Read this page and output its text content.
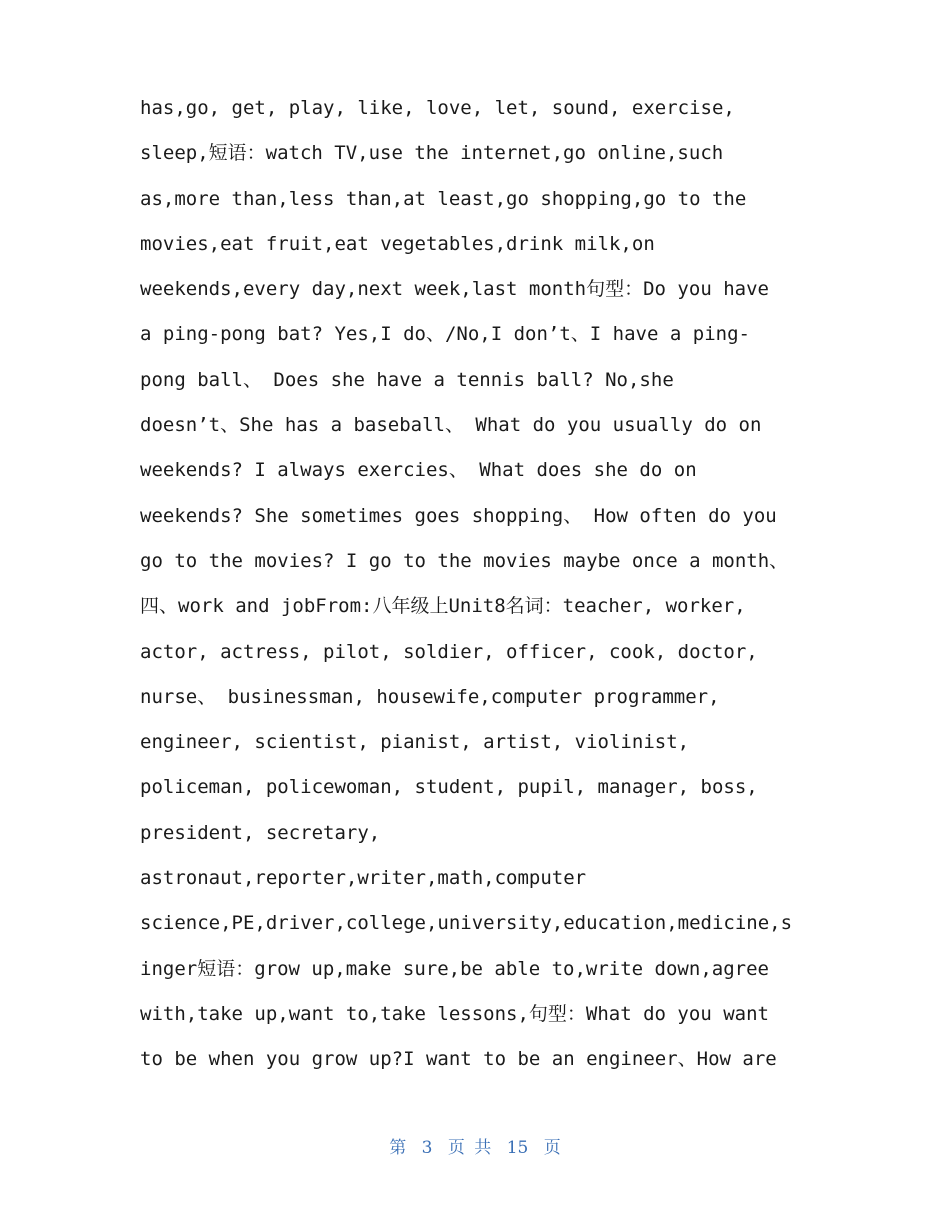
has,go, get, play, like, love, let, sound, exercise,
sleep,短语：watch TV,use the internet,go online,such
as,more than,less than,at least,go shopping,go to the
movies,eat fruit,eat vegetables,drink milk,on
weekends,every day,next week,last month句型：Do you have
a ping-pong bat? Yes,I do、/No,I don’t、I have a ping-
pong ball、 Does she have a tennis ball? No,she
doesn’t、She has a baseball、 What do you usually do on
weekends? I always exercies、 What does she do on
weekends? She sometimes goes shopping、 How often do you
go to the movies? I go to the movies maybe once a month、
四、work and jobFrom:八年级上Unit8名词：teacher, worker,
actor, actress, pilot, soldier, officer, cook, doctor,
nurse、 businessman, housewife,computer programmer,
engineer, scientist, pianist, artist, violinist,
policeman, policewoman, student, pupil, manager, boss,
president, secretary,
astronaut,reporter,writer,math,computer
science,PE,driver,college,university,education,medicine,s
inger短语：grow up,make sure,be able to,write down,agree
with,take up,want to,take lessons,句型：What do you want
to be when you grow up?I want to be an engineer、How are
第 3 页 共 15 页
